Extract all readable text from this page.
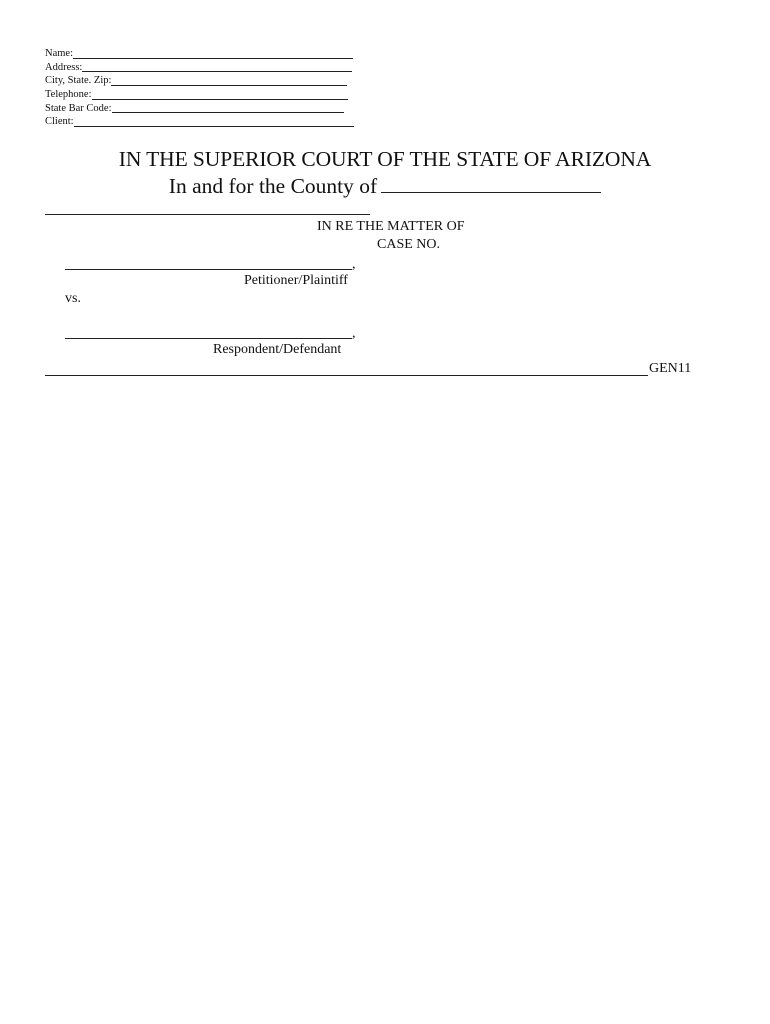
Name:
Address:
City, State. Zip:
Telephone:
State Bar Code:
Client:
IN THE SUPERIOR COURT OF THE STATE OF ARIZONA
In and for the County of
IN RE THE MATTER OF
CASE NO.
,
Petitioner/Plaintiff
vs.
,
Respondent/Defendant
GEN11
